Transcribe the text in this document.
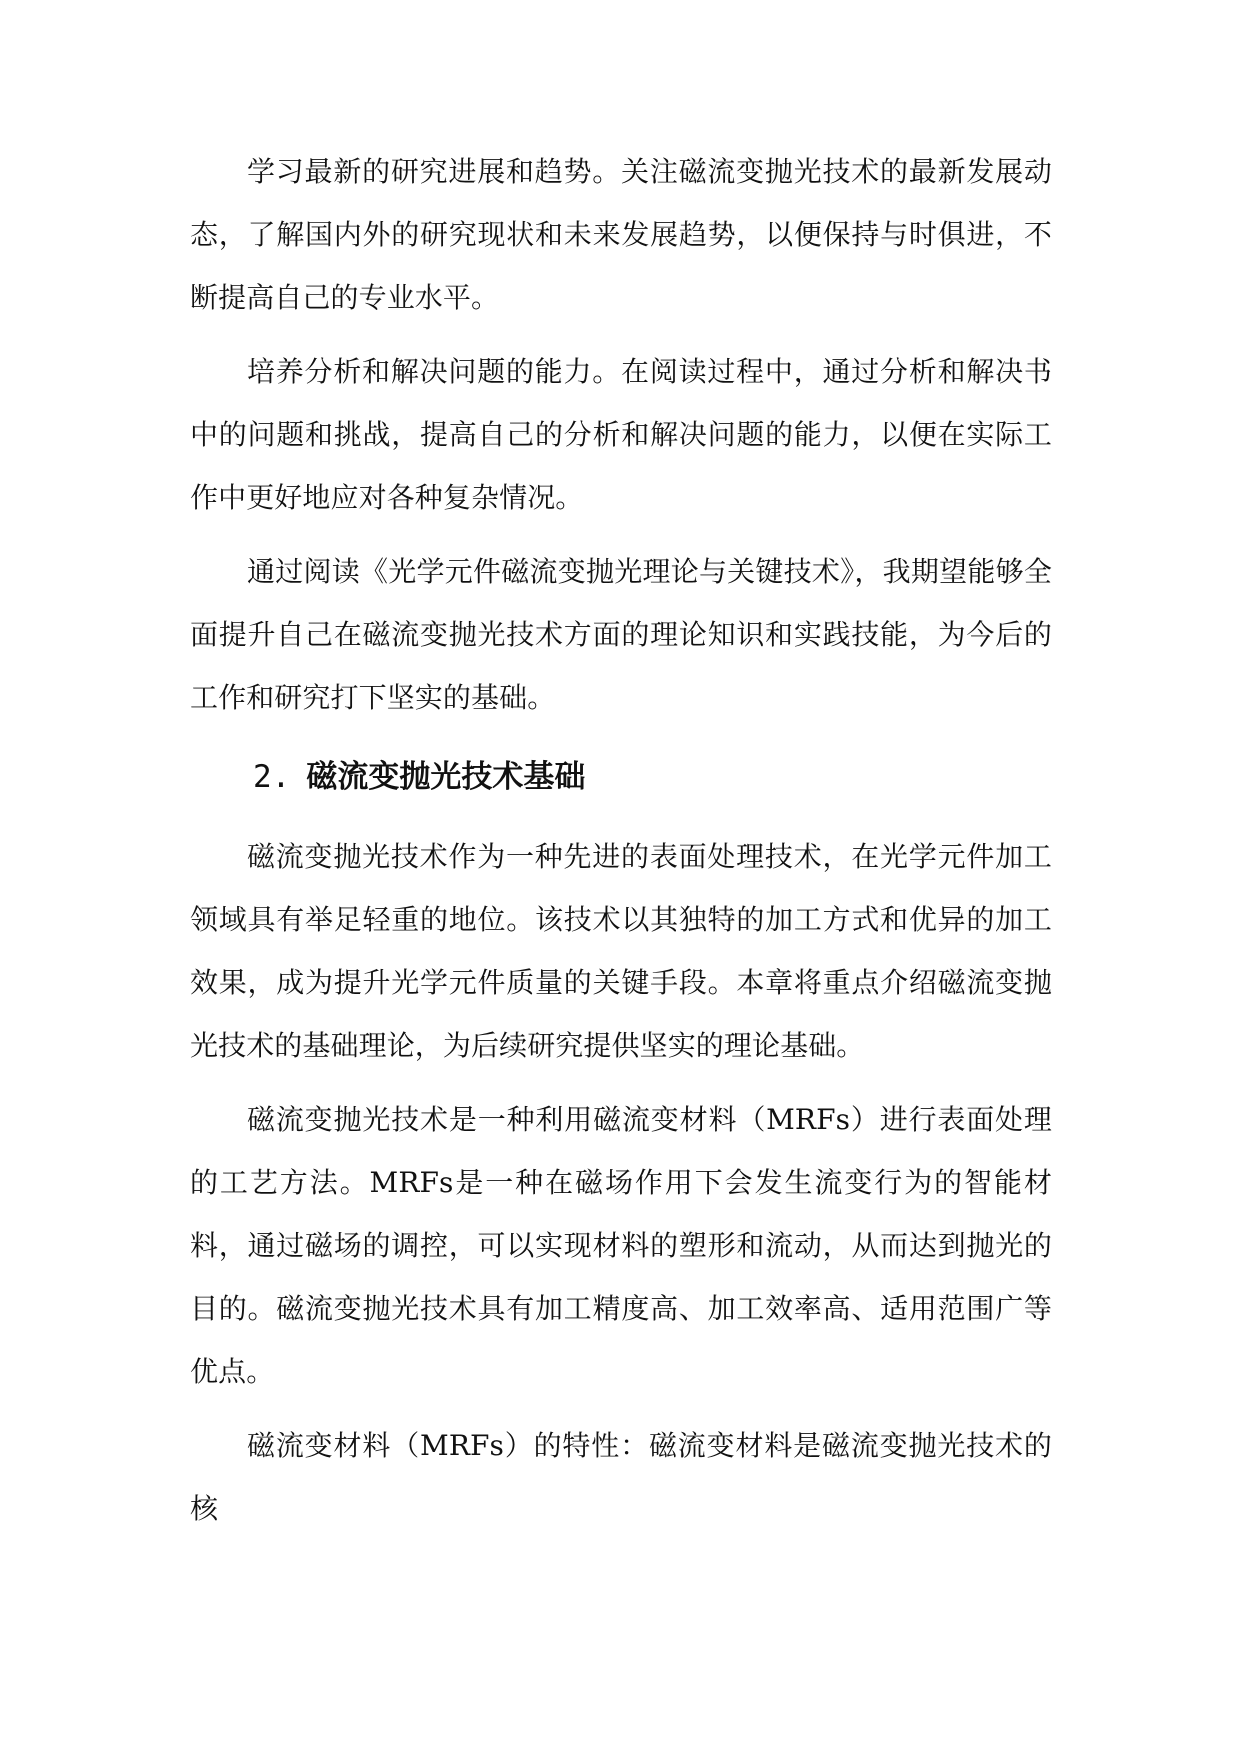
学习最新的研究进展和趋势。关注磁流变抛光技术的最新发展动态，了解国内外的研究现状和未来发展趋势，以便保持与时俱进，不断提高自己的专业水平。

培养分析和解决问题的能力。在阅读过程中，通过分析和解决书中的问题和挑战，提高自己的分析和解决问题的能力，以便在实际工作中更好地应对各种复杂情况。

通过阅读《光学元件磁流变抛光理论与关键技术》，我期望能够全面提升自己在磁流变抛光技术方面的理论知识和实践技能，为今后的工作和研究打下坚实的基础。

2. 磁流变抛光技术基础

磁流变抛光技术作为一种先进的表面处理技术，在光学元件加工领域具有举足轻重的地位。该技术以其独特的加工方式和优异的加工效果，成为提升光学元件质量的关键手段。本章将重点介绍磁流变抛光技术的基础理论，为后续研究提供坚实的理论基础。

磁流变抛光技术是一种利用磁流变材料（MRFs）进行表面处理的工艺方法。MRFs是一种在磁场作用下会发生流变行为的智能材料，通过磁场的调控，可以实现材料的塑形和流动，从而达到抛光的目的。磁流变抛光技术具有加工精度高、加工效率高、适用范围广等优点。

磁流变材料（MRFs）的特性：磁流变材料是磁流变抛光技术的核
